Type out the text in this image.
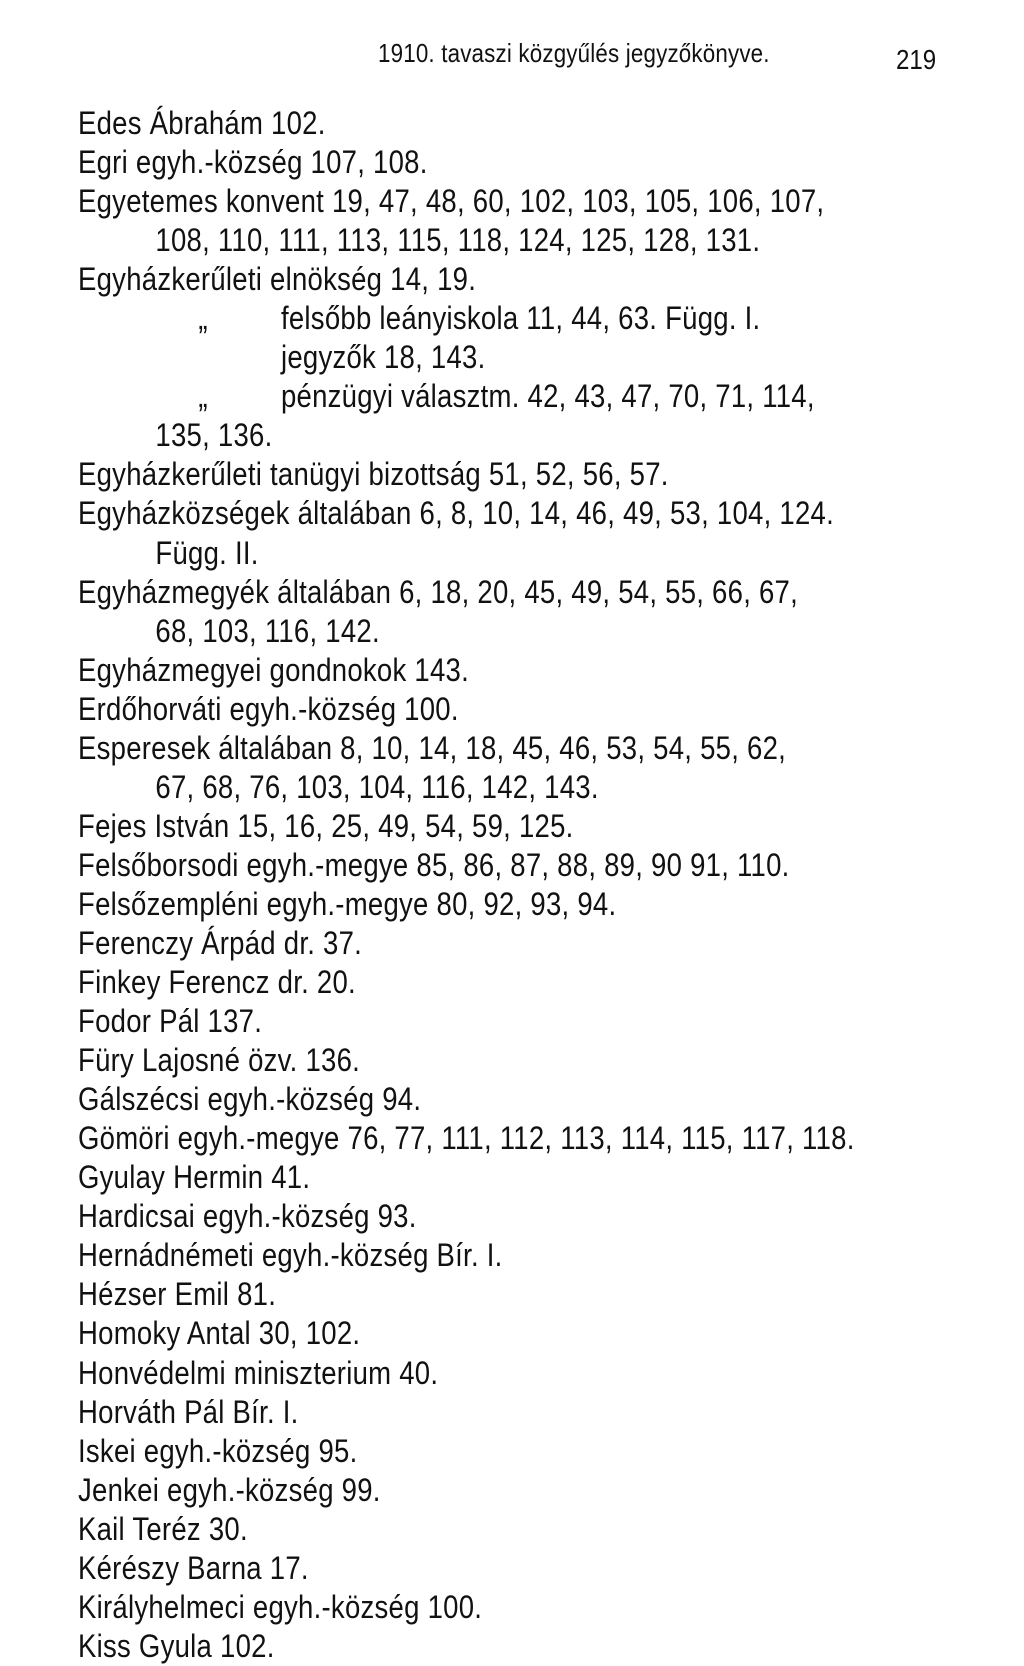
1910. tavaszi közgyűlés jegyzőkönyve.	219
Edes Ábrahám 102.
Egri egyh.-község 107, 108.
Egyetemes konvent 19, 47, 48, 60, 102, 103, 105, 106, 107,
108, 110, 111, 113, 115, 118, 124, 125, 128, 131.
Egyházkerűleti elnökség 14, 19.
„ felsőbb leányiskola 11, 44, 63. Függ. I.
jegyzők 18, 143.
„ pénzügyi választm. 42, 43, 47, 70, 71, 114,
135, 136.
Egyházkerűleti tanügyi bizottság 51, 52, 56, 57.
Egyházközségek általában 6, 8, 10, 14, 46, 49, 53, 104, 124.
Függ. II.
Egyházmegyék általában 6, 18, 20, 45, 49, 54, 55, 66, 67,
68, 103, 116, 142.
Egyházmegyei gondnokok 143.
Erdőhorváti egyh.-község 100.
Esperesek általában 8, 10, 14, 18, 45, 46, 53, 54, 55, 62,
67, 68, 76, 103, 104, 116, 142, 143.
Fejes István 15, 16, 25, 49, 54, 59, 125.
Felsőborsodi egyh.-megye 85, 86, 87, 88, 89, 90 91, 110.
Felsőzempléni egyh.-megye 80, 92, 93, 94.
Ferenczy Árpád dr. 37.
Finkey Ferencz dr. 20.
Fodor Pál 137.
Füry Lajosné özv. 136.
Gálszécsi egyh.-község 94.
Gömöri egyh.-megye 76, 77, 111, 112, 113, 114, 115, 117, 118.
Gyulay Hermin 41.
Hardicsai egyh.-község 93.
Hernádnémeti egyh.-község Bír. I.
Hézser Emil 81.
Homoky Antal 30, 102.
Honvédelmi miniszterium 40.
Horváth Pál Bír. I.
Iskei egyh.-község 95.
Jenkei egyh.-község 99.
Kail Teréz 30.
Kérészy Barna 17.
Királyhelmeci egyh.-község 100.
Kiss Gyula 102.
